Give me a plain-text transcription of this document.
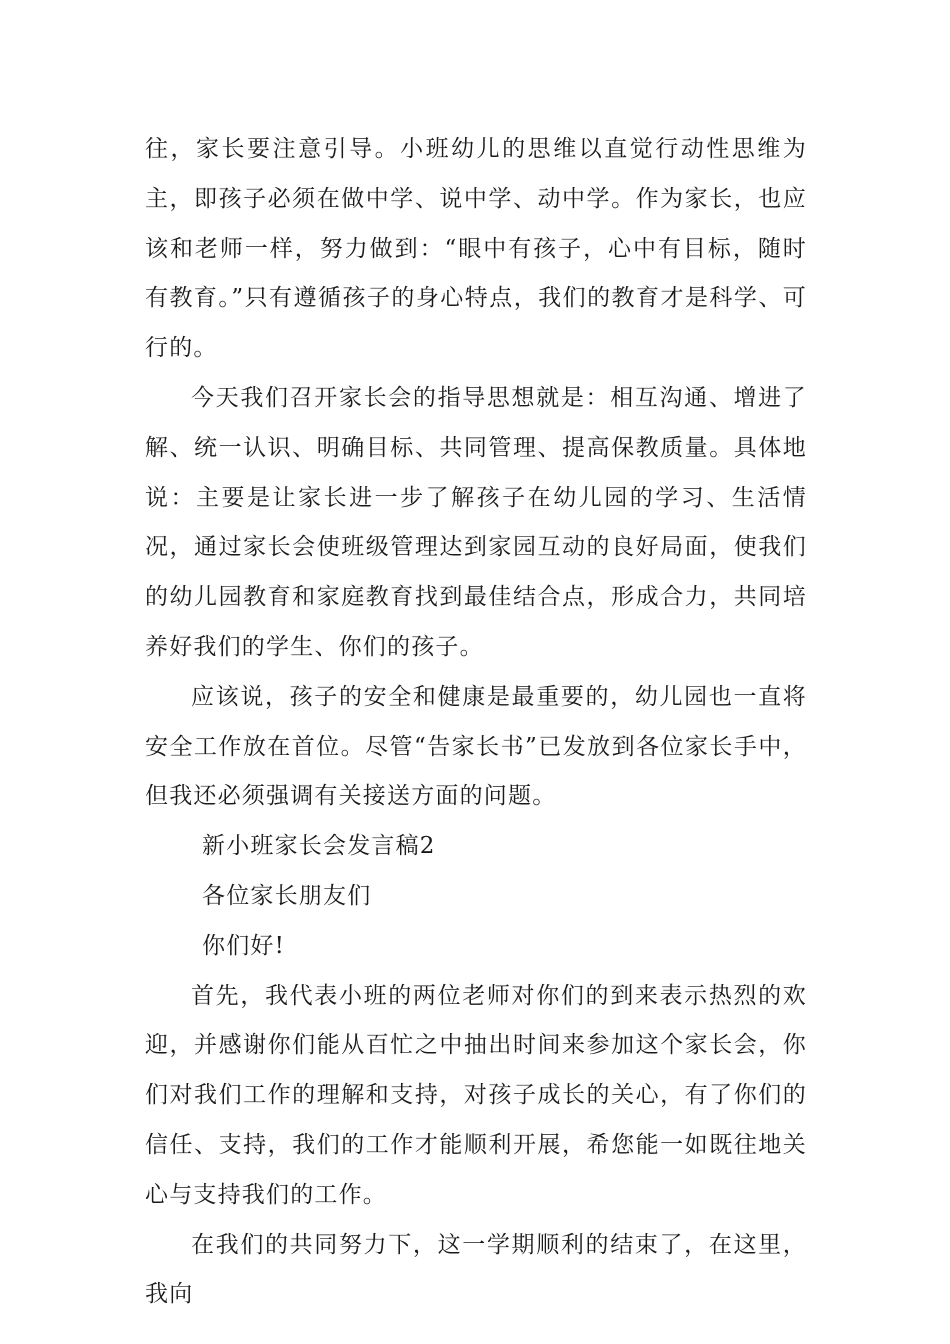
往，家长要注意引导。小班幼儿的思维以直觉行动性思维为主，即孩子必须在做中学、说中学、动中学。作为家长，也应该和老师一样，努力做到：“眼中有孩子，心中有目标，随时有教育。”只有遵循孩子的身心特点，我们的教育才是科学、可行的。

今天我们召开家长会的指导思想就是：相互沟通、增进了解、统一认识、明确目标、共同管理、提高保教质量。具体地说：主要是让家长进一步了解孩子在幼儿园的学习、生活情况，通过家长会使班级管理达到家园互动的良好局面，使我们的幼儿园教育和家庭教育找到最佳结合点，形成合力，共同培养好我们的学生、你们的孩子。

应该说，孩子的安全和健康是最重要的，幼儿园也一直将安全工作放在首位。尽管“告家长书”已发放到各位家长手中，但我还必须强调有关接送方面的问题。

新小班家长会发言稿2

各位家长朋友们

你们好!

首先，我代表小班的两位老师对你们的到来表示热烈的欢迎，并感谢你们能从百忙之中抽出时间来参加这个家长会，你们对我们工作的理解和支持，对孩子成长的关心，有了你们的信任、支持，我们的工作才能顺利开展，希您能一如既往地关心与支持我们的工作。

在我们的共同努力下，这一学期顺利的结束了，在这里，我向
